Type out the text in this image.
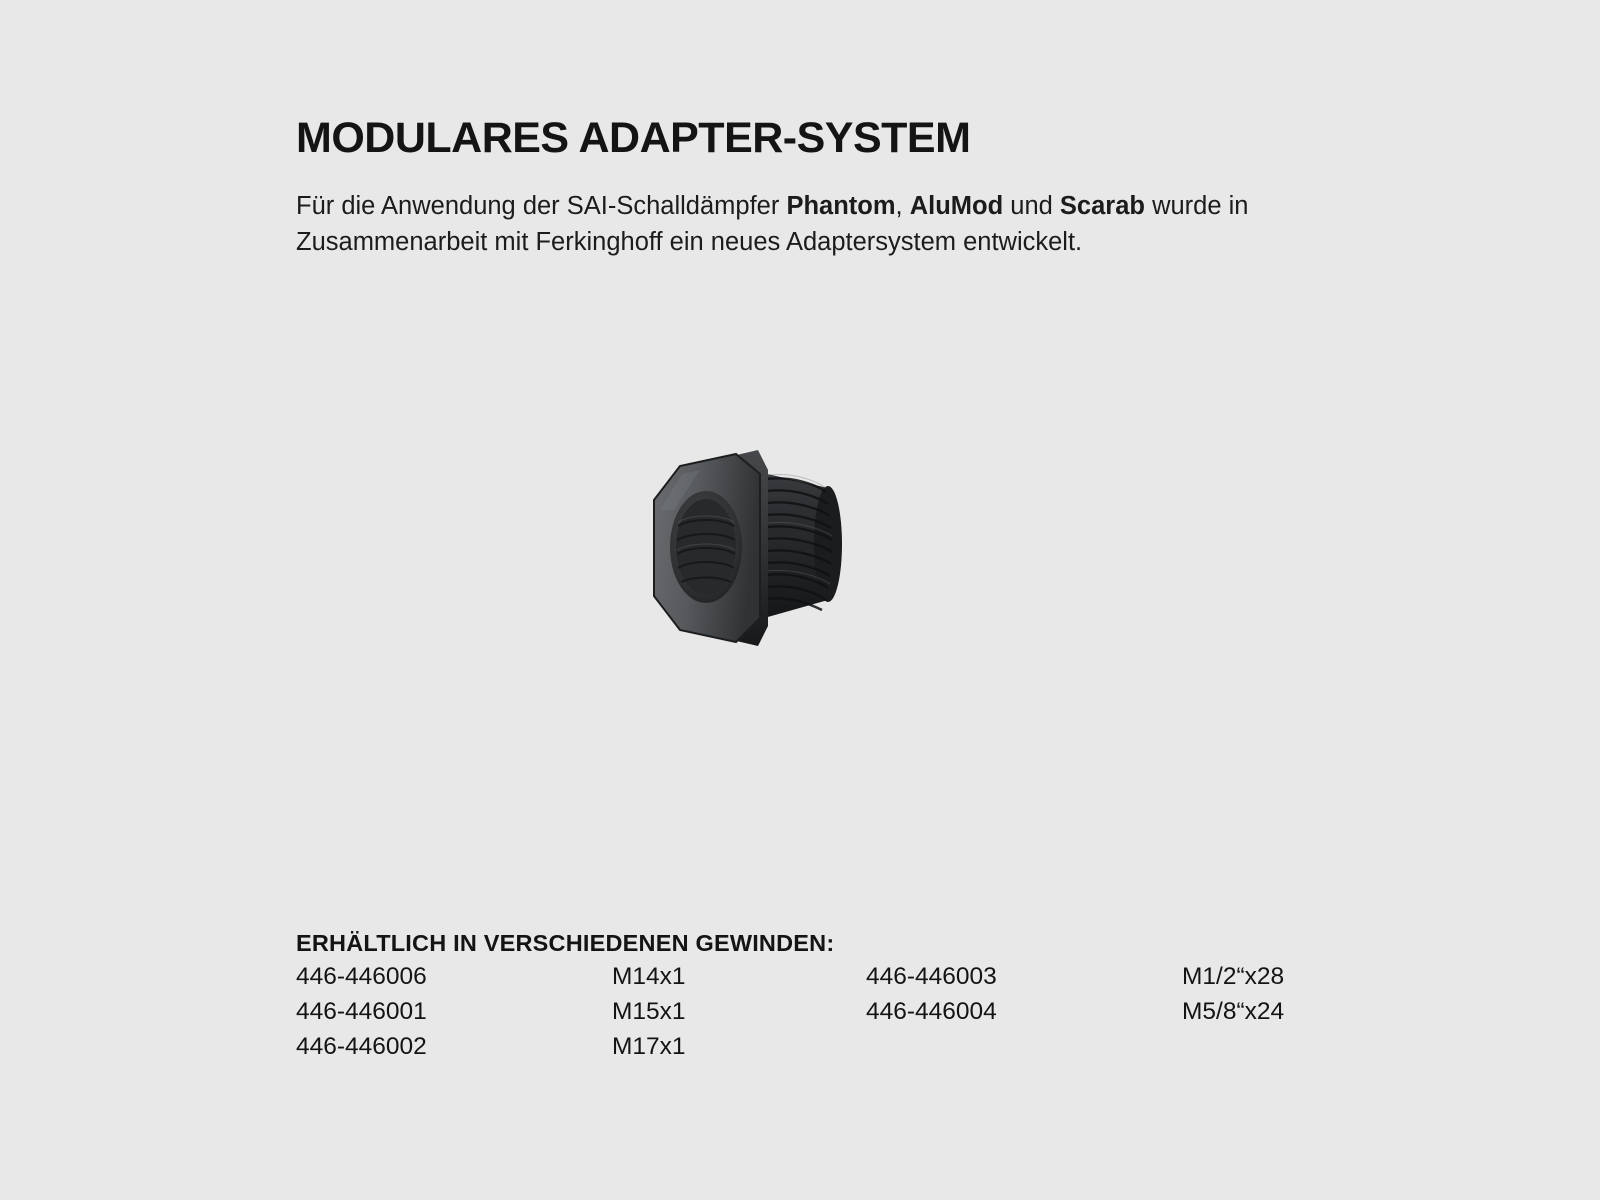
MODULARES ADAPTER-SYSTEM

Für die Anwendung der SAI-Schalldämpfer Phantom, AluMod und Scarab wurde in Zusammenarbeit mit Ferkinghoff ein neues Adaptersystem entwickelt.

ERHÄLTLICH IN VERSCHIEDENEN GEWINDEN:
446-446006	M14x1	446-446003	M1/2“x28
446-446001	M15x1	446-446004	M5/8“x24
446-446002	M17x1
